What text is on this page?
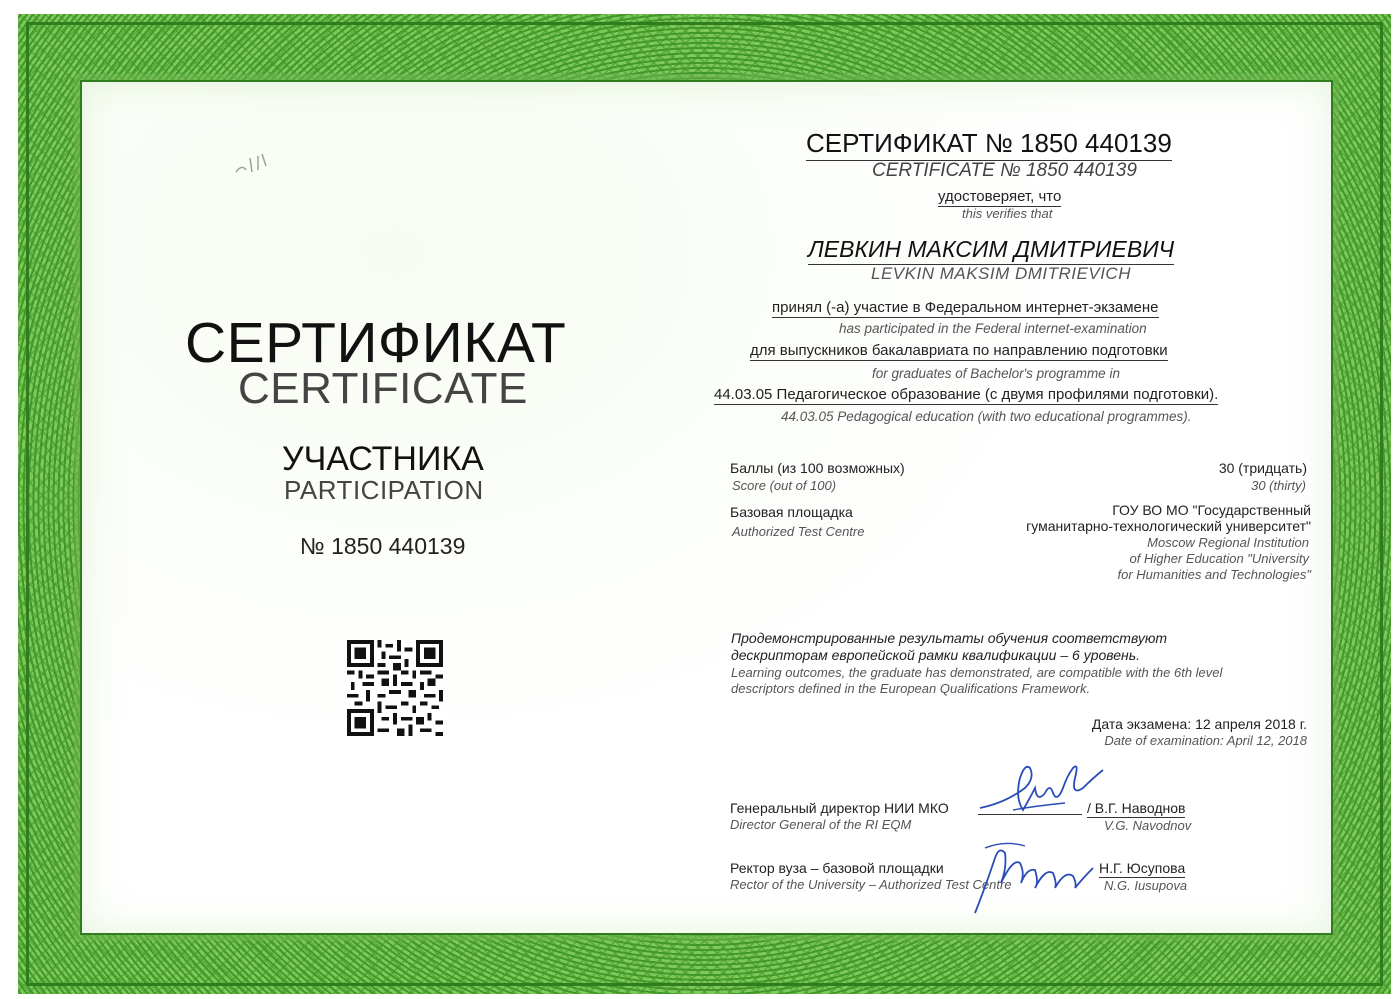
СЕРТИФИКАТ
CERTIFICATE
УЧАСТНИКА
PARTICIPATION
№ 1850 440139
СЕРТИФИКАТ № 1850 440139
CERTIFICATE № 1850 440139
удостоверяет, что
this verifies that
ЛЕВКИН МАКСИМ ДМИТРИЕВИЧ
LEVKIN MAKSIM DMITRIEVICH
принял (-а) участие в Федеральном интернет-экзамене
has participated in the Federal internet-examination
для выпускников бакалавриата по направлению подготовки
for graduates of Bachelor's programme in
44.03.05 Педагогическое образование (с двумя профилями подготовки).
44.03.05 Pedagogical education (with two educational programmes).
Баллы (из 100 возможных)
Score (out of 100)
30 (тридцать)
30 (thirty)
Базовая площадка
Authorized Test Centre
ГОУ ВО МО "Государственный
гуманитарно-технологический университет"
Moscow Regional Institution
of Higher Education "University
for Humanities and Technologies"
Продемонстрированные результаты обучения соответствуют
дескрипторам европейской рамки квалификации – 6 уровень.
Learning outcomes, the graduate has demonstrated, are compatible with the 6th level
descriptors defined in the European Qualifications Framework.
Дата экзамена: 12 апреля 2018 г.
Date of examination: April 12, 2018
Генеральный директор НИИ МКО
Director General of the RI EQM
/ В.Г. Наводнов
V.G. Navodnov
Ректор вуза – базовой площадки
Rector of the University – Authorized Test Centre
Н.Г. Юсупова
N.G. Iusupova
